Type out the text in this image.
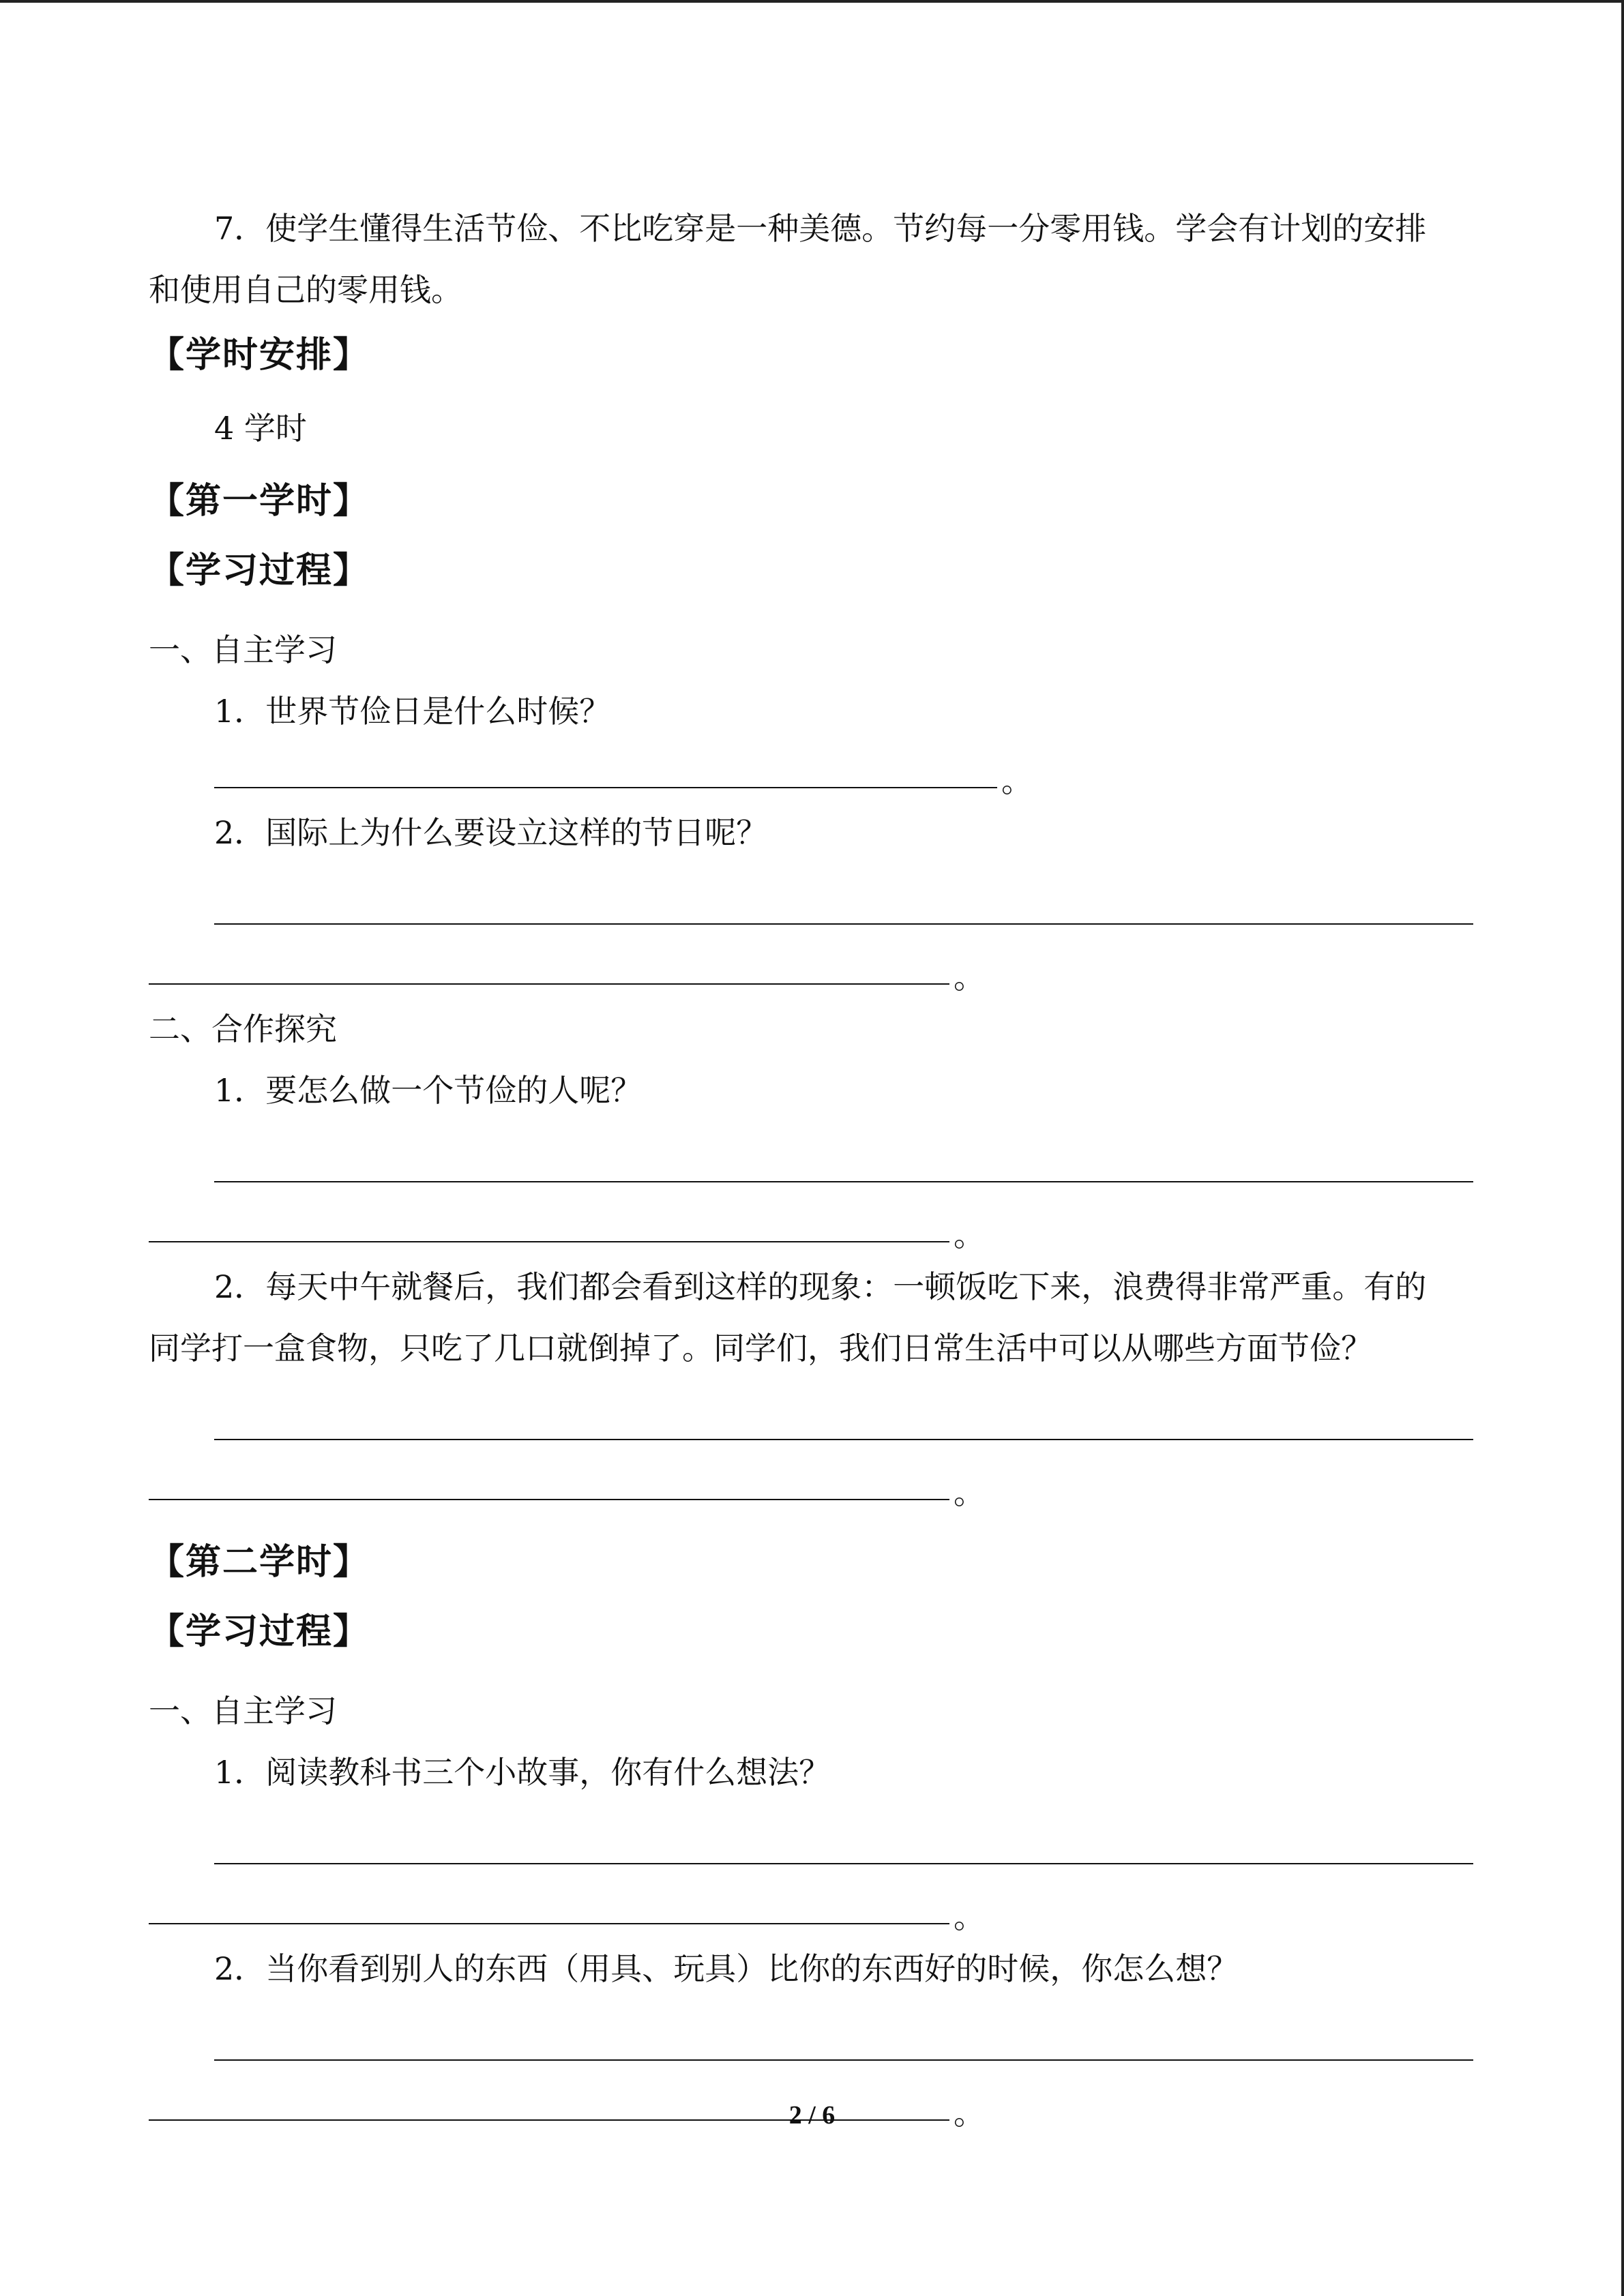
7．使学生懂得生活节俭、不比吃穿是一种美德。节约每一分零用钱。学会有计划的安排

和使用自己的零用钱。

【学时安排】

4 学时

【第一学时】
【学习过程】

一、自主学习

1．世界节俭日是什么时候？

。

2．国际上为什么要设立这样的节日呢？

。

二、合作探究

1．要怎么做一个节俭的人呢？

。

2．每天中午就餐后，我们都会看到这样的现象：一顿饭吃下来，浪费得非常严重。有的

同学打一盒食物，只吃了几口就倒掉了。同学们，我们日常生活中可以从哪些方面节俭？

。
【第二学时】
【学习过程】

一、自主学习

1．阅读教科书三个小故事，你有什么想法？

。

2．当你看到别人的东西（用具、玩具）比你的东西好的时候，你怎么想？

。
2 / 6
